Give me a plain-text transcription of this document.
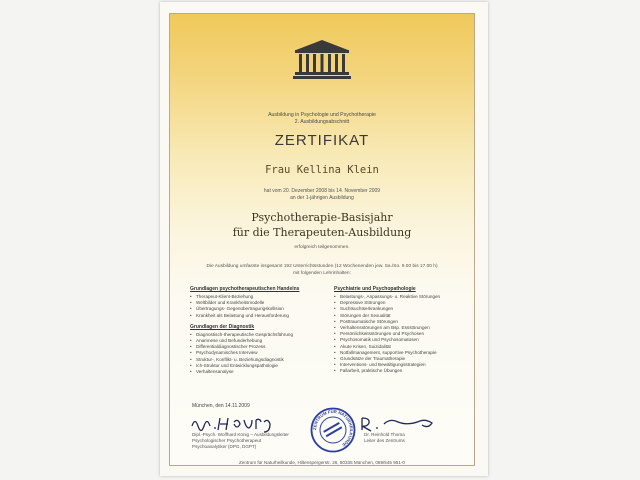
Ausbildung in Psychologie und Psychotherapie
2. Ausbildungsabschnitt
ZERTIFIKAT
Frau Kellina Klein
hat vom 20. Dezember 2008 bis 14. November 2009
an der 1-jährigen Ausbildung
Psychotherapie-Basisjahr
für die Therapeuten-Ausbildung
erfolgreich teilgenommen.
Die Ausbildung umfasste insgesamt 192 Unterrichtsstunden (12 Wochenenden jew. Sa./So. 9.00 bis 17.00 h)
mit folgenden Lehrinhalten:
Grundlagen psychotherapeutischen Handelns
• Therapeut-Klient-Beziehung
• Weltbilder und Krankheitsmodelle
• Übertragungs- Gegenübertragungskollision
• Krankheit als Belastung und Herausforderung
Grundlagen der Diagnostik
• Diagnostisch-therapeutische Gesprächsführung
• Anamnese und Befunderhebung
• Differentialdiagnostischer Prozess
• Psychodynamisches Interview
• Struktur-, Konflikt- u. Beziehungsdiagnostik
• Ich-Struktur und Entwicklungspathologie
• Verhaltensanalyse
Psychiatrie und Psychopathologie
• Belastungs-, Anpassungs- u. Reaktive Störungen
• Depressive Störungen
• Suchtsuchtserkrankungen
• Störungen der Sexualität
• Posttraumatische Störungen
• Verhaltensstörungen am Bsp. Essstörungen
• Persönlichkeitsstörungen und Psychosen
• Psychosomatik und Psychosomatosen
• Akute Krisen, Suizidalität
• Notfallmanagement, supportive Psychotherapie
• Grundsätze der Traumatherapie
• Interventions- und Bewältigungsstrategien
• Fallarbeit, praktische Übungen
München, den 14.11.2009
Dipl.-Psych. Wolfhard König – Ausbildungsleiter
Psychologischer Psychotherapeut
Psychoanalytiker (DPG, DGPT)
Dr. Reinhold Thoma
Leiter des Zentrums
ZENTRUM FÜR NATURHEILKUNDE
Zentrum für Naturheilkunde, Hiltenspergerstr. 26, 80335 München, 089/545 951-0
